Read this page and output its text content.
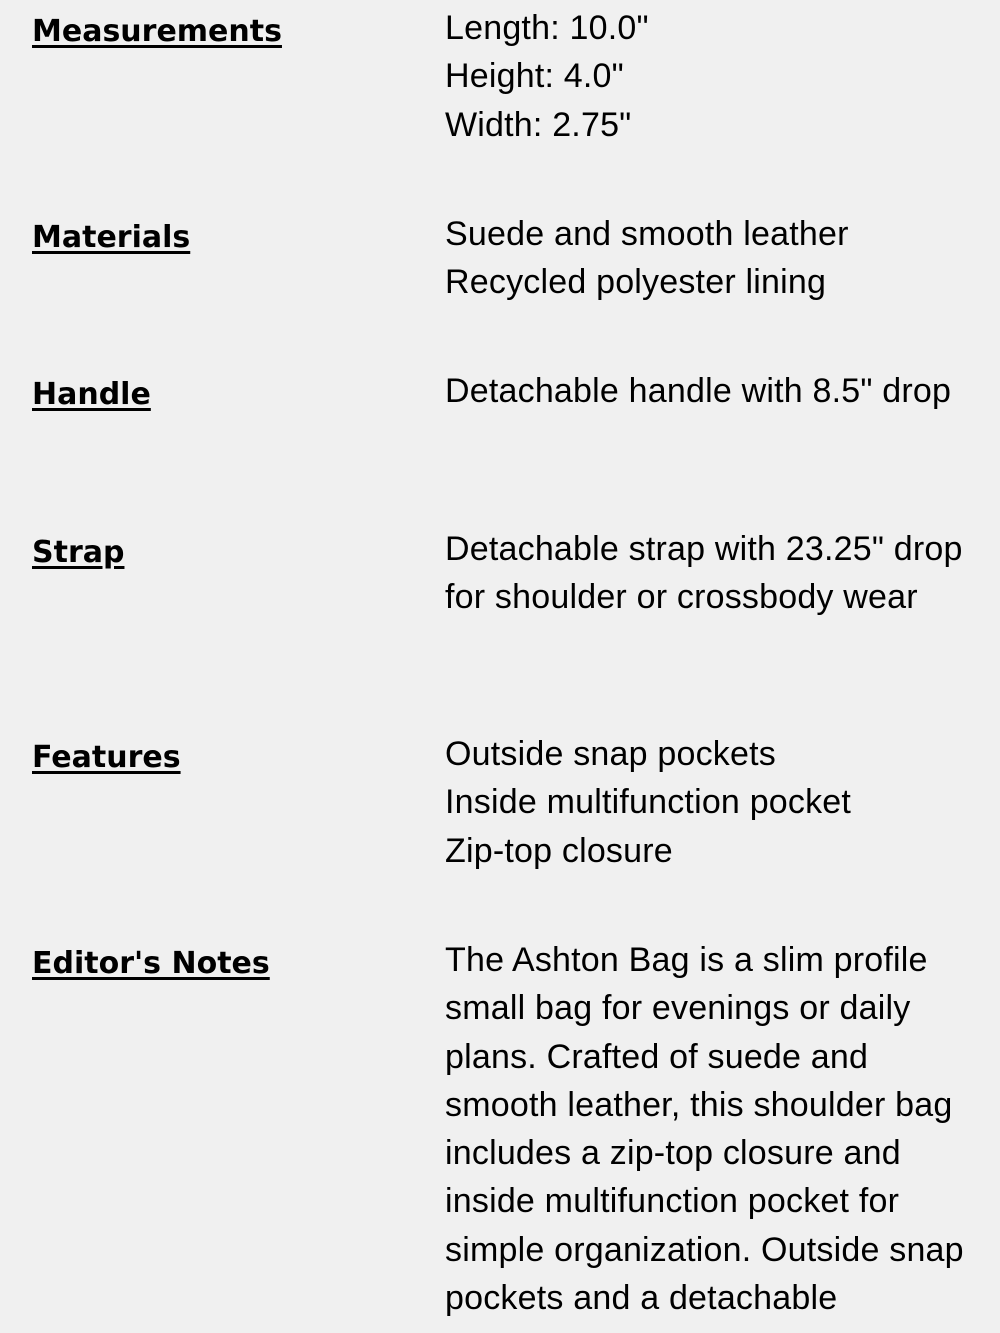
Measurements	Length: 10.0"
Height: 4.0"
Width: 2.75"
Materials	Suede and smooth leather
Recycled polyester lining
Handle	Detachable handle with 8.5" drop
Strap	Detachable strap with 23.25" drop for shoulder or crossbody wear
Features	Outside snap pockets
Inside multifunction pocket
Zip-top closure
Editor's Notes	The Ashton Bag is a slim profile small bag for evenings or daily plans. Crafted of suede and smooth leather, this shoulder bag includes a zip-top closure and inside multifunction pocket for simple organization. Outside snap pockets and a detachable
